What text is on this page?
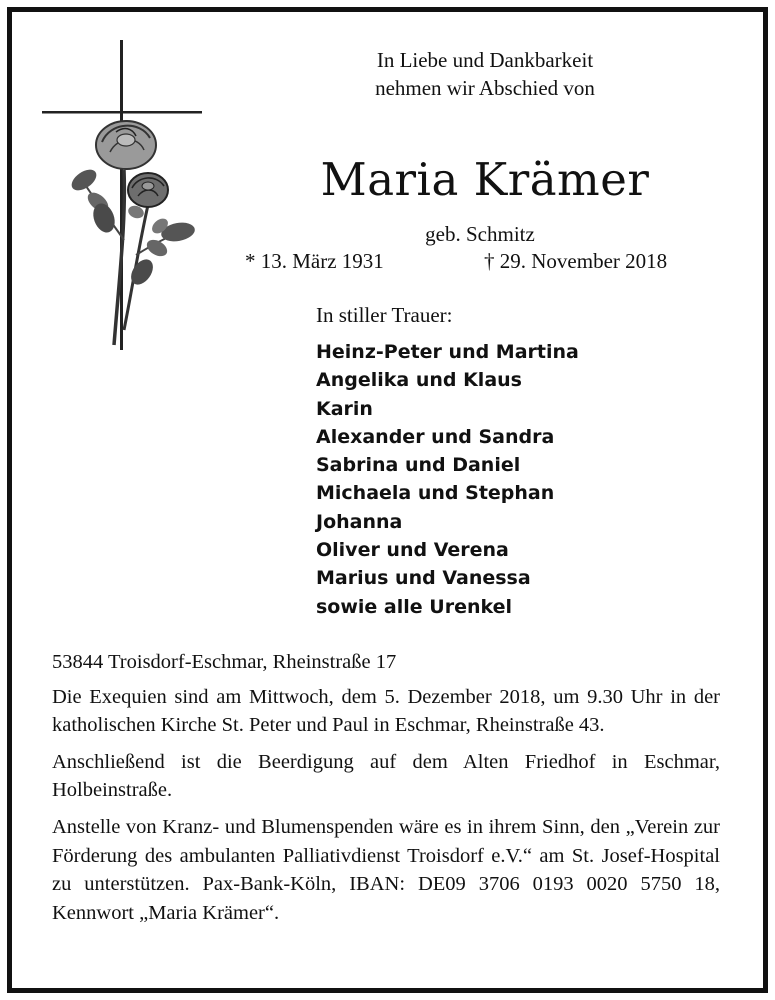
In Liebe und Dankbarkeit
nehmen wir Abschied von
Maria Krämer
geb. Schmitz
* 13. März 1931	† 29. November 2018
In stiller Trauer:
Heinz-Peter und Martina
Angelika und Klaus
Karin
Alexander und Sandra
Sabrina und Daniel
Michaela und Stephan
Johanna
Oliver und Verena
Marius und Vanessa
sowie alle Urenkel

53844 Troisdorf-Eschmar, Rheinstraße 17

Die Exequien sind am Mittwoch, dem 5. Dezember 2018, um 9.30 Uhr in der katholischen Kirche St. Peter und Paul in Eschmar, Rheinstraße 43.

Anschließend ist die Beerdigung auf dem Alten Friedhof in Eschmar, Holbeinstraße.

Anstelle von Kranz- und Blumenspenden wäre es in ihrem Sinn, den „Verein zur Förderung des ambulanten Palliativdienst Troisdorf e.V.“ am St. Josef-Hospital zu unterstützen. Pax-Bank-Köln, IBAN: DE09 3706 0193 0020 5750 18, Kennwort „Maria Krämer“.
